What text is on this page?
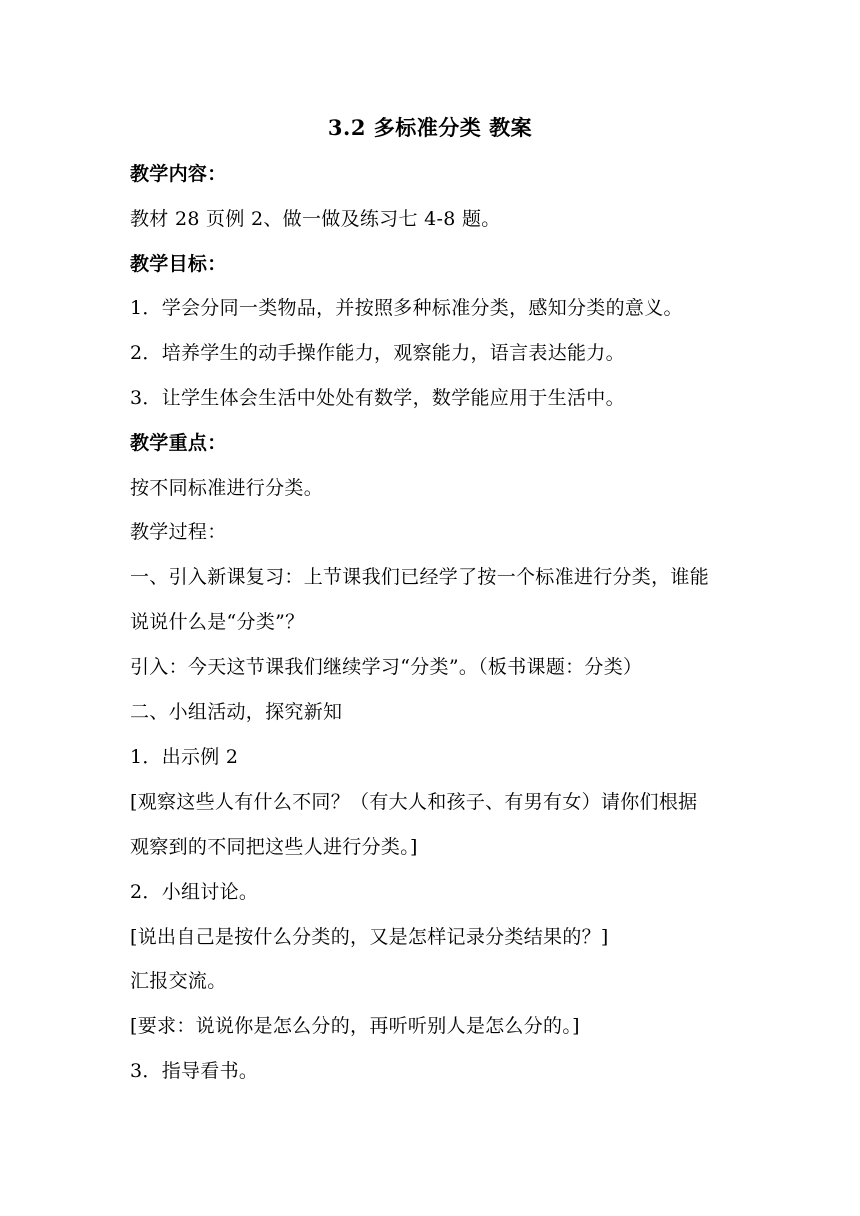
3.2 多标准分类 教案
教学内容：
教材 28 页例 2、做一做及练习七 4-8 题。
教学目标：
1．学会分同一类物品，并按照多种标准分类，感知分类的意义。
2．培养学生的动手操作能力，观察能力，语言表达能力。
3．让学生体会生活中处处有数学，数学能应用于生活中。
教学重点：
按不同标准进行分类。
教学过程：
一、引入新课复习：上节课我们已经学了按一个标准进行分类，谁能
说说什么是“分类”？
引入：今天这节课我们继续学习“分类”。（板书课题：分类）
二、小组活动，探究新知
1．出示例 2
[观察这些人有什么不同？（有大人和孩子、有男有女）请你们根据
观察到的不同把这些人进行分类。]
2．小组讨论。
[说出自己是按什么分类的，又是怎样记录分类结果的？]
汇报交流。
[要求：说说你是怎么分的，再听听别人是怎么分的。]
3．指导看书。
